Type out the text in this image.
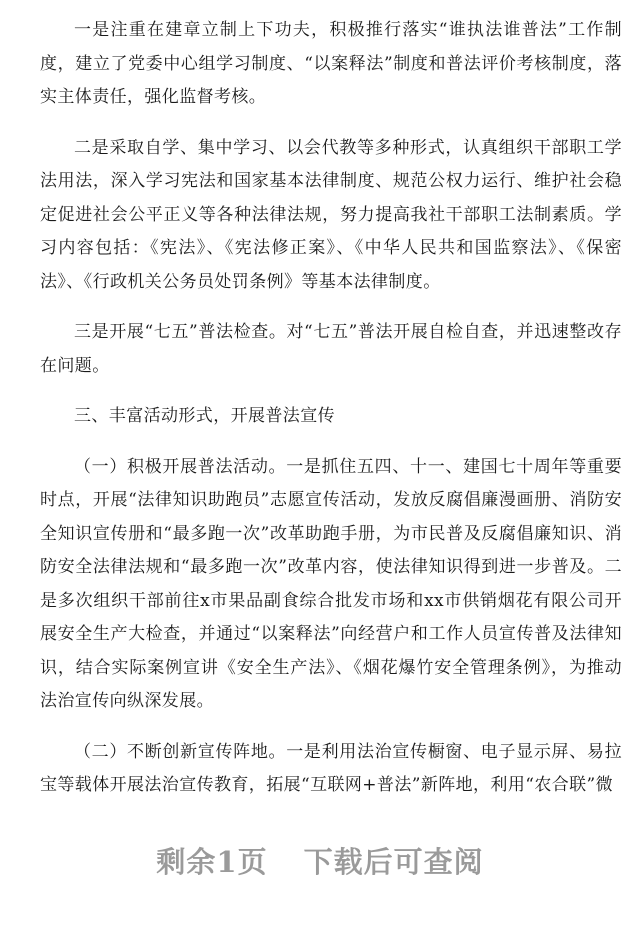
一是注重在建章立制上下功夫，积极推行落实“谁执法谁普法”工作制度，建立了党委中心组学习制度、“以案释法”制度和普法评价考核制度，落实主体责任，强化监督考核。

二是采取自学、集中学习、以会代教等多种形式，认真组织干部职工学法用法，深入学习宪法和国家基本法律制度、规范公权力运行、维护社会稳定促进社会公平正义等各种法律法规，努力提高我社干部职工法制素质。学习内容包括：《宪法》、《宪法修正案》、《中华人民共和国监察法》、《保密法》、《行政机关公务员处罚条例》等基本法律制度。

三是开展“七五”普法检查。对“七五”普法开展自检自查，并迅速整改存在问题。

三、丰富活动形式，开展普法宣传

（一）积极开展普法活动。一是抓住五四、十一、建国七十周年等重要时点，开展“法律知识助跑员”志愿宣传活动，发放反腐倡廉漫画册、消防安全知识宣传册和“最多跑一次”改革助跑手册，为市民普及反腐倡廉知识、消防安全法律法规和“最多跑一次”改革内容，使法律知识得到进一步普及。二是多次组织干部前往x市果品副食综合批发市场和xx市供销烟花有限公司开展安全生产大检查，并通过“以案释法”向经营户和工作人员宣传普及法律知识，结合实际案例宣讲《安全生产法》、《烟花爆竹安全管理条例》，为推动法治宣传向纵深发展。

（二）不断创新宣传阵地。一是利用法治宣传橱窗、电子显示屏、易拉宝等载体开展法治宣传教育，拓展“互联网+普法”新阵地，利用“农合联”微

剩余1页 下载后可查阅
